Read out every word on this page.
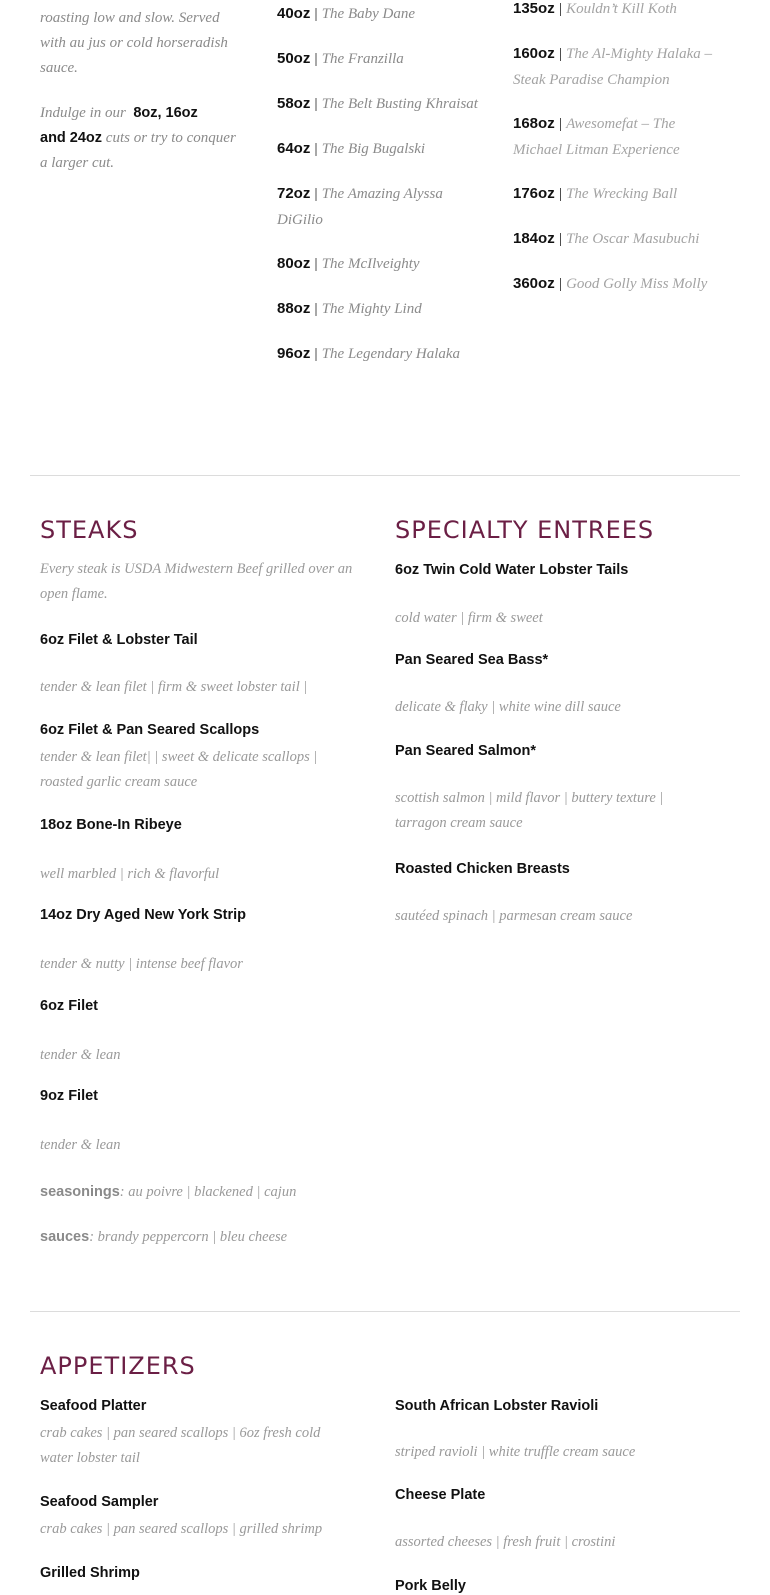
roasting low and slow. Served
with au jus or cold horseradish
sauce.
Indulge in our 8oz, 16oz
and 24oz cuts or try to conquer
a larger cut.
40oz | The Baby Dane
50oz | The Franzilla
58oz | The Belt Busting Khraisat
64oz | The Big Bugalski
72oz | The Amazing Alyssa DiGilio
80oz | The McIlveighty
88oz | The Mighty Lind
96oz | The Legendary Halaka
135oz | Kouldn’t Kill Koth
160oz | The Al-Mighty Halaka – Steak Paradise Champion
168oz | Awesomefat – The Michael Litman Experience
176oz | The Wrecking Ball
184oz | The Oscar Masubuchi
360oz | Good Golly Miss Molly
STEAKS
Every steak is USDA Midwestern Beef grilled over an open flame.
6oz Filet & Lobster Tail
tender & lean filet | firm & sweet lobster tail |
6oz Filet & Pan Seared Scallops
tender & lean filet| | sweet & delicate scallops | roasted garlic cream sauce
18oz Bone-In Ribeye
well marbled | rich & flavorful
14oz Dry Aged New York Strip
tender & nutty | intense beef flavor
6oz Filet
tender & lean
9oz Filet
tender & lean
seasonings: au poivre | blackened | cajun
sauces: brandy peppercorn | bleu cheese
SPECIALTY ENTREES
6oz Twin Cold Water Lobster Tails
cold water | firm & sweet
Pan Seared Sea Bass*
delicate & flaky | white wine dill sauce
Pan Seared Salmon*
scottish salmon | mild flavor | buttery texture | tarragon cream sauce
Roasted Chicken Breasts
sautéed spinach | parmesan cream sauce
APPETIZERS
Seafood Platter
crab cakes | pan seared scallops | 6oz fresh cold water lobster tail
Seafood Sampler
crab cakes | pan seared scallops | grilled shrimp
Grilled Shrimp
South African Lobster Ravioli
striped ravioli | white truffle cream sauce
Cheese Plate
assorted cheeses | fresh fruit | crostini
Pork Belly
